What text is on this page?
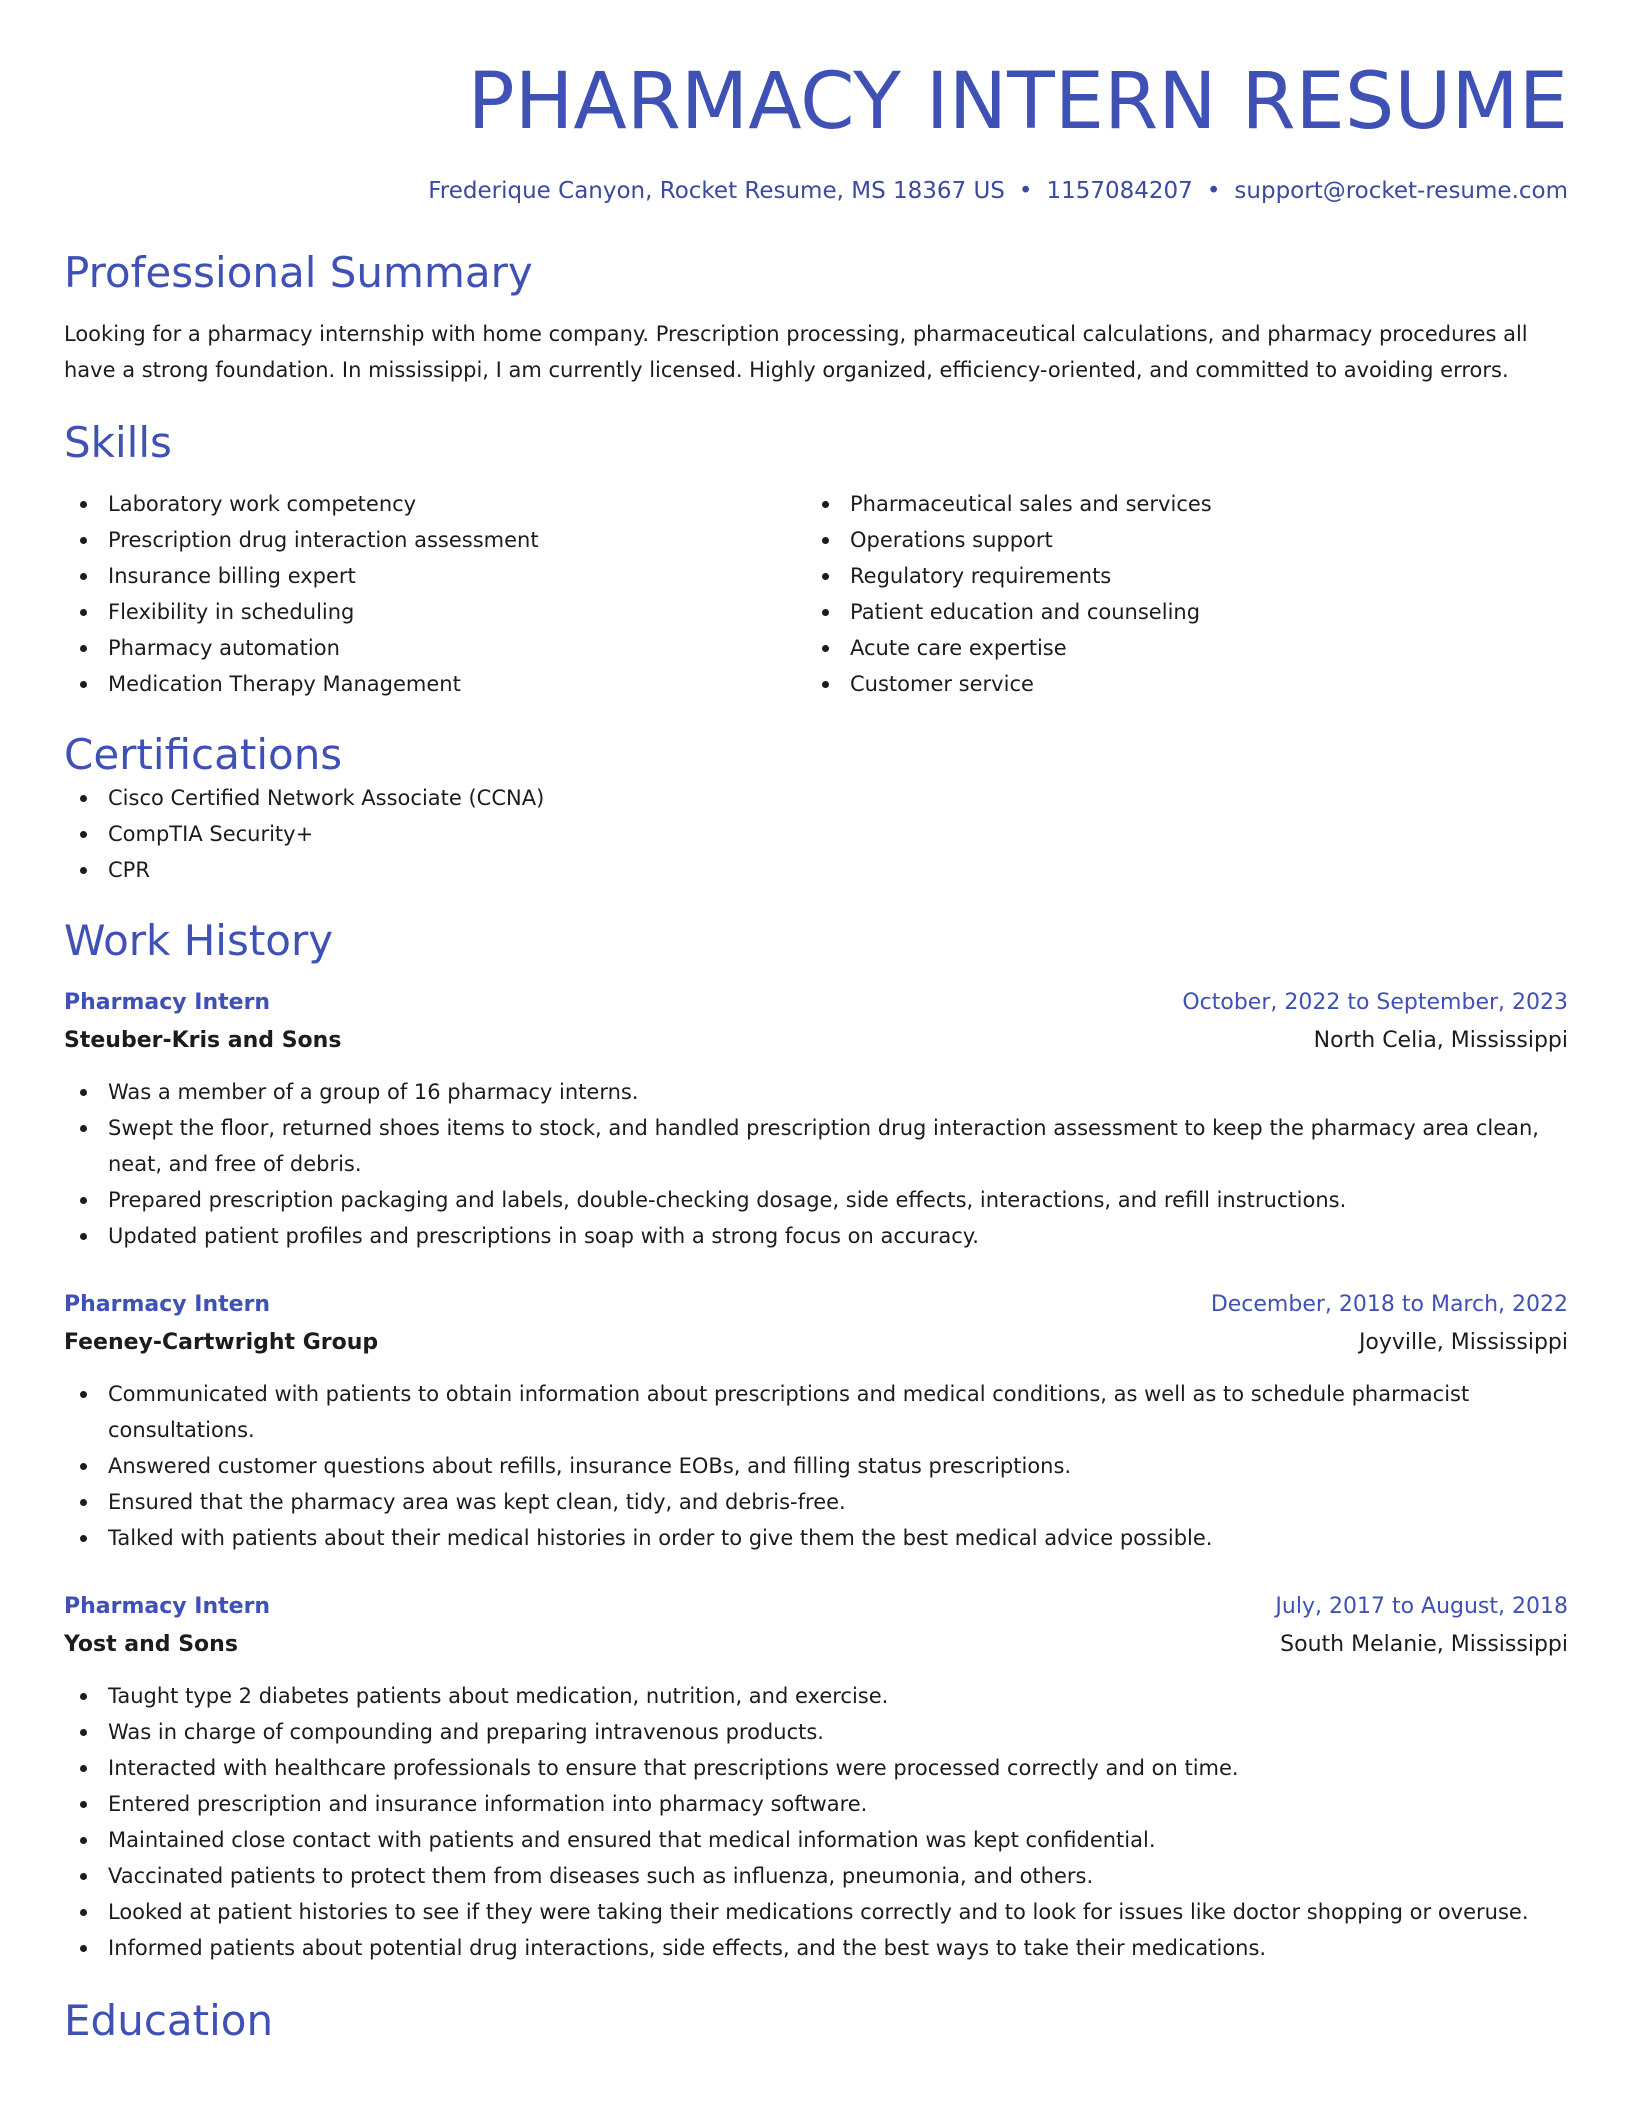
PHARMACY INTERN RESUME
Frederique Canyon, Rocket Resume, MS 18367 US • 1157084207 • support@rocket-resume.com
Professional Summary
Looking for a pharmacy internship with home company. Prescription processing, pharmaceutical calculations, and pharmacy procedures all have a strong foundation. In mississippi, I am currently licensed. Highly organized, efficiency-oriented, and committed to avoiding errors.
Skills
Laboratory work competency
Prescription drug interaction assessment
Insurance billing expert
Flexibility in scheduling
Pharmacy automation
Medication Therapy Management
Pharmaceutical sales and services
Operations support
Regulatory requirements
Patient education and counseling
Acute care expertise
Customer service
Certifications
Cisco Certified Network Associate (CCNA)
CompTIA Security+
CPR
Work History
Pharmacy Intern	October, 2022 to September, 2023
Steuber-Kris and Sons	North Celia, Mississippi
Was a member of a group of 16 pharmacy interns.
Swept the floor, returned shoes items to stock, and handled prescription drug interaction assessment to keep the pharmacy area clean, neat, and free of debris.
Prepared prescription packaging and labels, double-checking dosage, side effects, interactions, and refill instructions.
Updated patient profiles and prescriptions in soap with a strong focus on accuracy.
Pharmacy Intern	December, 2018 to March, 2022
Feeney-Cartwright Group	Joyville, Mississippi
Communicated with patients to obtain information about prescriptions and medical conditions, as well as to schedule pharmacist consultations.
Answered customer questions about refills, insurance EOBs, and filling status prescriptions.
Ensured that the pharmacy area was kept clean, tidy, and debris-free.
Talked with patients about their medical histories in order to give them the best medical advice possible.
Pharmacy Intern	July, 2017 to August, 2018
Yost and Sons	South Melanie, Mississippi
Taught type 2 diabetes patients about medication, nutrition, and exercise.
Was in charge of compounding and preparing intravenous products.
Interacted with healthcare professionals to ensure that prescriptions were processed correctly and on time.
Entered prescription and insurance information into pharmacy software.
Maintained close contact with patients and ensured that medical information was kept confidential.
Vaccinated patients to protect them from diseases such as influenza, pneumonia, and others.
Looked at patient histories to see if they were taking their medications correctly and to look for issues like doctor shopping or overuse.
Informed patients about potential drug interactions, side effects, and the best ways to take their medications.
Education
